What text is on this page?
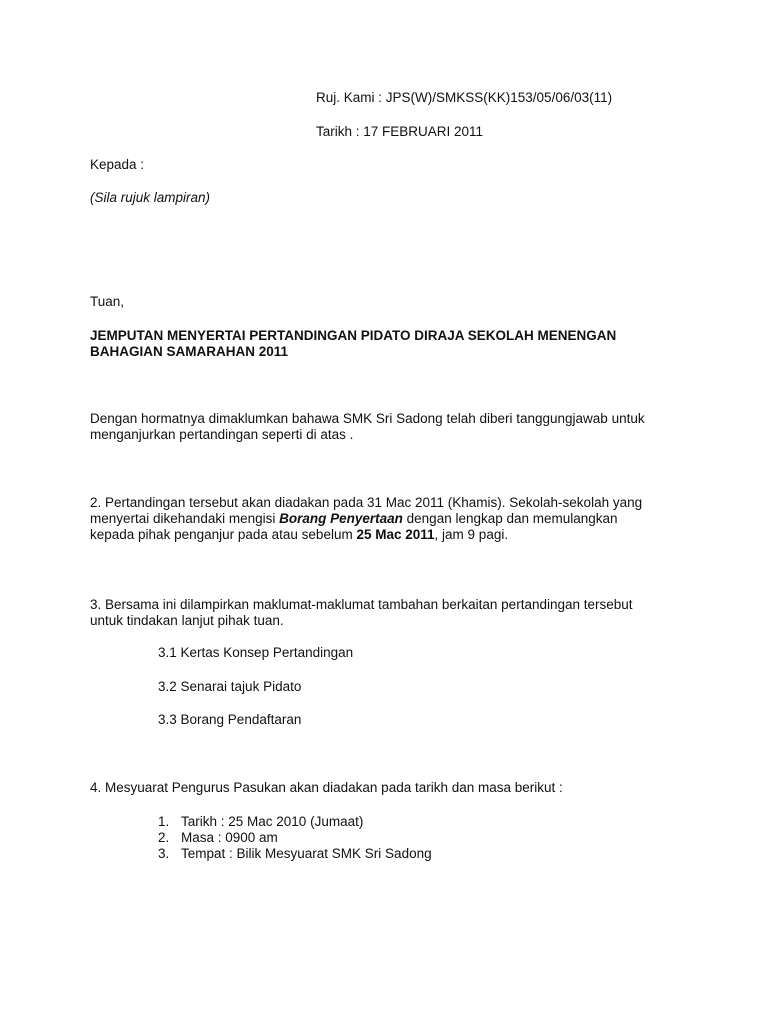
Ruj. Kami : JPS(W)/SMKSS(KK)153/05/06/03(11)
Tarikh : 17 FEBRUARI 2011
Kepada :
(Sila rujuk lampiran)
Tuan,
JEMPUTAN MENYERTAI PERTANDINGAN PIDATO DIRAJA SEKOLAH MENENGAN
BAHAGIAN SAMARAHAN 2011
Dengan hormatnya dimaklumkan bahawa SMK Sri Sadong telah diberi tanggungjawab untuk
menganjurkan pertandingan seperti di atas .
2. Pertandingan tersebut akan diadakan pada 31 Mac 2011 (Khamis). Sekolah-sekolah yang
menyertai dikehandaki mengisi Borang Penyertaan dengan lengkap dan memulangkan
kepada pihak penganjur pada atau sebelum 25 Mac 2011, jam 9 pagi.
3. Bersama ini dilampirkan maklumat-maklumat tambahan berkaitan pertandingan tersebut
untuk tindakan lanjut pihak tuan.
3.1 Kertas Konsep Pertandingan
3.2 Senarai tajuk Pidato
3.3 Borang Pendaftaran
4. Mesyuarat Pengurus Pasukan akan diadakan pada tarikh dan masa berikut :
1. Tarikh : 25 Mac 2010 (Jumaat)
2. Masa : 0900 am
3. Tempat : Bilik Mesyuarat SMK Sri Sadong
